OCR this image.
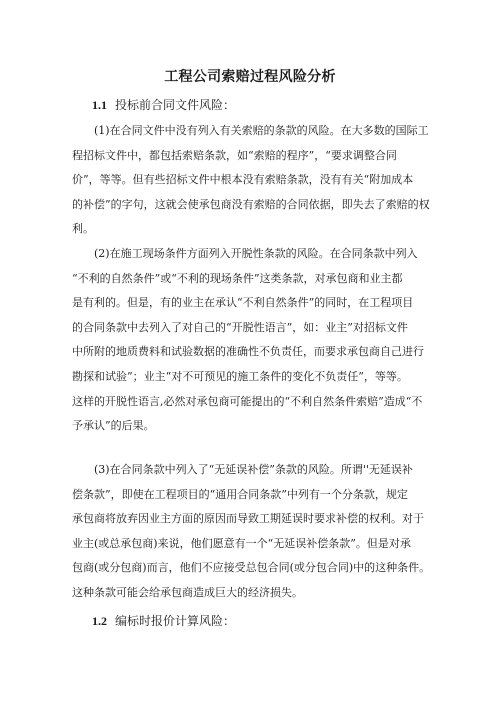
工程公司索赔过程风险分析
1.1 投标前合同文件风险：
(1)在合同文件中没有列入有关索赔的条款的风险。在大多数的国际工
程招标文件中，都包括索赔条款，如“索赔的程序”，“要求调整合同
价”，等等。但有些招标文件中根本没有索赔条款，没有有关“附加成本
的补偿”的字句，这就会使承包商没有索赔的合同依据，即失去了索赔的权
利。
(2)在施工现场条件方面列入开脱性条款的风险。在合同条款中列入
“不利的自然条件”或“不利的现场条件”这类条款，对承包商和业主都
是有利的。但是，有的业主在承认“不利自然条件”的同时，在工程项目
的合同条款中去列入了对自己的“开脱性语言”，如：业主”对招标文件
中所附的地质费料和试验数据的准确性不负责任，而要求承包商自己进行
勘探和试验”；业主“对不可预见的施工条件的变化不负责任”，等等。
这样的开脱性语言,必然对承包商可能提出的“不利自然条件索赔”造成“不
予承认”的后果。
(3)在合同条款中列入了“无延误补偿”条款的风险。所谓''无延误补
偿条款”，即使在工程项目的“通用合同条款”中列有一个分条款，规定
承包商将放弃因业主方面的原因而导致工期延误时要求补偿的权利。对于
业主(或总承包商)来说，他们愿意有一个“无延误补偿条款”。但是对承
包商(或分包商)而言，他们不应接受总包合同(或分包合同)中的这种条件。
这种条款可能会给承包商造成巨大的经济损失。
1.2 编标时报价计算风险：
